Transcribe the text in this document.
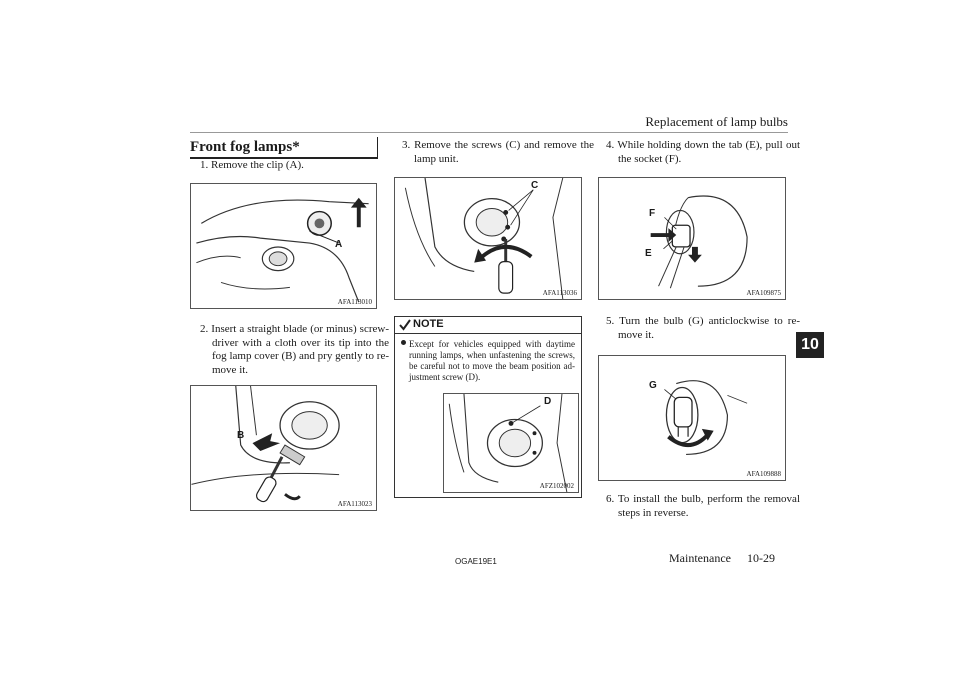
Replacement of lamp bulbs
10
Front fog lamps*
1. Remove the clip (A).
A
AFA113010
2. Insert a straight blade (or minus) screw-driver with a cloth over its tip into the fog lamp cover (B) and pry gently to re-move it.
B
AFA113023
3. Remove the screws (C) and remove the lamp unit.
C
AFA113036
NOTE
Except for vehicles equipped with daytime running lamps, when unfastening the screws, be careful not to move the beam position ad-justment screw (D).
D
AFZ102002
4. While holding down the tab (E), pull out the socket (F).
F
E
AFA109875
5. Turn the bulb (G) anticlockwise to re-move it.
G
AFA109888
6. To install the bulb, perform the removal steps in reverse.
OGAE19E1	Maintenance 10-29
